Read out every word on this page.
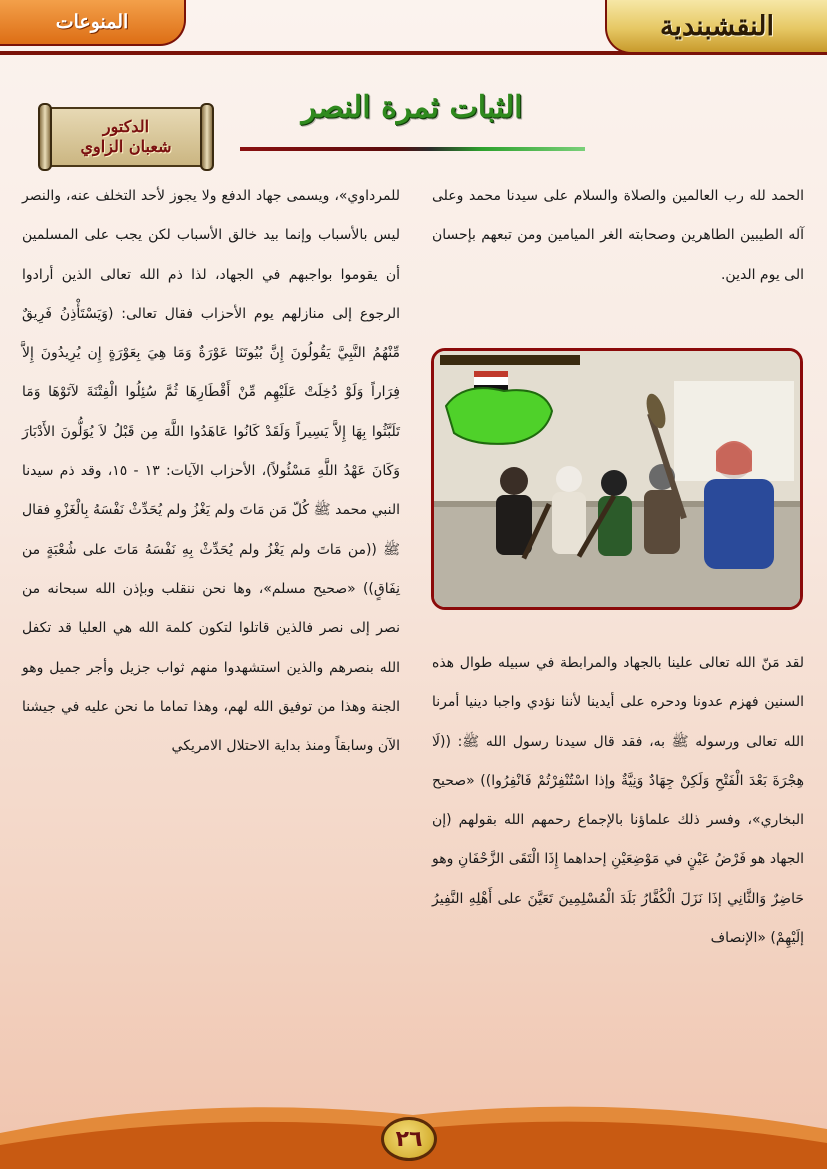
النقشبندية
المنوعات
الثبات ثمرة النصر
الدكتور
شعبان الزاوي

الحمد لله رب العالمين والصلاة والسلام على سيدنا محمد وعلى آله الطيبين الطاهرين وصحابته الغر الميامين ومن تبعهم بإحسان الى يوم الدين.

لقد مَنّ الله تعالى علينا بالجهاد والمرابطة في سبيله طوال هذه السنين فهزم عدونا ودحره على أيدينا لأننا نؤدي واجبا دينيا أمرنا الله تعالى ورسوله ﷺ به، فقد قال سيدنا رسول الله ﷺ: ((لَا هِجْرَةَ بَعْدَ الْفَتْحِ وَلَكِنْ جِهَادٌ وَنِيَّةٌ وإذا اسْتُنْفِرْتُمْ فَانْفِرُوا)) «صحيح البخاري»، وفسر ذلك علماؤنا بالإجماع رحمهم الله بقولهم (إن الجهاد هو فَرْضُ عَيْنٍ في مَوْضِعَيْنِ إحداهما إِذَا الْتَقَى الزَّحْفَانِ وهو حَاضِرٌ وَالثَّانِي إذَا نَزَلَ الْكُفَّارُ بَلَدَ الْمُسْلِمِينَ تَعَيَّنَ على أَهْلِهِ النَّفِيرُ إلَيْهِمْ) «الإنصاف

للمرداوي»، ويسمى جهاد الدفع ولا يجوز لأحد التخلف عنه، والنصر ليس بالأسباب وإنما بيد خالق الأسباب لكن يجب على المسلمين أن يقوموا بواجبهم في الجهاد، لذا ذم الله تعالى الذين أرادوا الرجوع إلى منازلهم يوم الأحزاب فقال تعالى: (وَيَسْتَأْذِنُ فَرِيقٌ مِّنْهُمُ النَّبِيَّ يَقُولُونَ إِنَّ بُيُوتَنَا عَوْرَةٌ وَمَا هِيَ بِعَوْرَةٍ إِن يُرِيدُونَ إِلاَّ فِرَاراً وَلَوْ دُخِلَتْ عَلَيْهِم مِّنْ أَقْطَارِهَا ثُمَّ سُئِلُوا الْفِتْنَةَ لآتَوْهَا وَمَا تَلَبَّثُوا بِهَا إِلاَّ يَسِيراً وَلَقَدْ كَانُوا عَاهَدُوا اللَّهَ مِن قَبْلُ لاَ يُوَلُّونَ الأَدْبَارَ وَكَانَ عَهْدُ اللَّهِ مَسْئُولاً)، الأحزاب الآيات: ١٣ - ١٥، وقد ذم سيدنا النبي محمد ﷺ كُلّ مَن مَاتَ ولم يَغْزُ ولم يُحَدِّثْ نَفْسَهُ بِالْغَزْوِ فقال ﷺ ((من مَاتَ ولم يَغْزُ ولم يُحَدِّثْ بِهِ نَفْسَهُ مَاتَ على شُعْبَةٍ من نِفَاقٍ)) «صحيح مسلم»، وها نحن ننقلب وبإذن الله سبحانه من نصر إلى نصر فالذين قاتلوا لتكون كلمة الله هي العليا قد تكفل الله بنصرهم والذين استشهدوا منهم ثواب جزيل وأجر جميل وهو الجنة وهذا من توفيق الله لهم، وهذا تماما ما نحن عليه في جيشنا الآن وسابقاً ومنذ بداية الاحتلال الامريكي

٢٦
